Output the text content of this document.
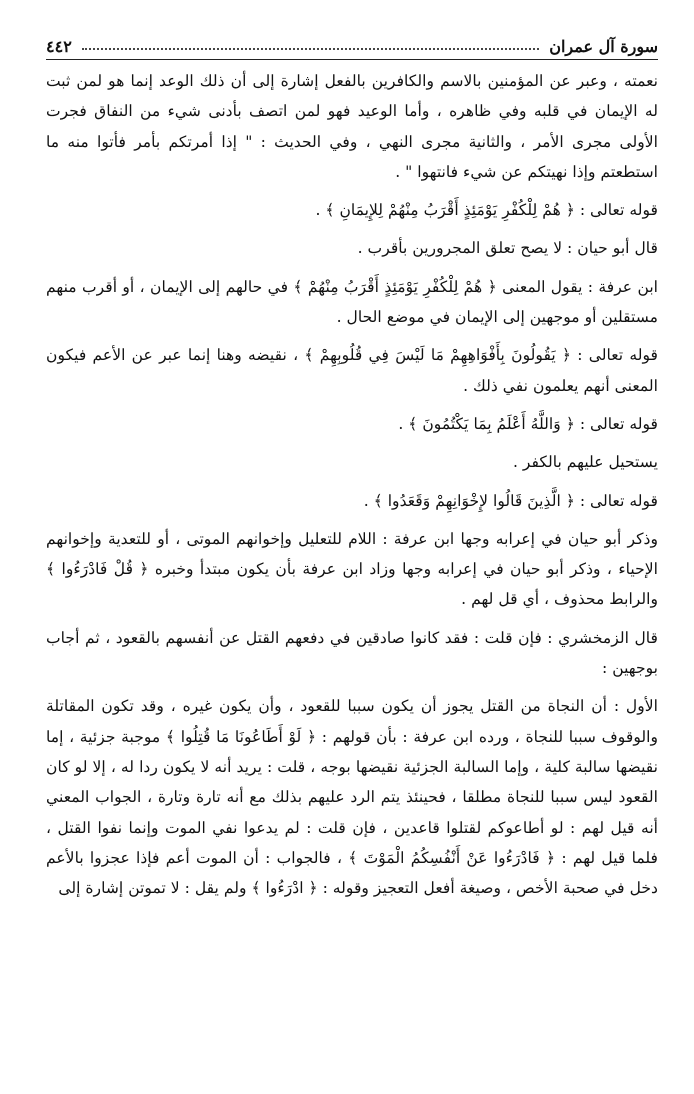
سورة آل عمران
٤٤٢

نعمته ، وعبر عن المؤمنين بالاسم والكافرين بالفعل إشارة إلى أن ذلك الوعد إنما هو لمن ثبت له الإيمان في قلبه وفي ظاهره ، وأما الوعيد فهو لمن اتصف بأدنى شيء من النفاق فجرت الأولى مجرى الأمر ، والثانية مجرى النهي ، وفي الحديث : " إذا أمرتكم بأمر فأتوا منه ما استطعتم وإذا نهيتكم عن شيء فانتهوا " .

قوله تعالى : ﴿ هُمْ لِلْكُفْرِ يَوْمَئِذٍ أَقْرَبُ مِنْهُمْ لِلإِيمَانِ ﴾ .

قال أبو حيان : لا يصح تعلق المجرورين بأقرب .

ابن عرفة : يقول المعنى ﴿ هُمْ لِلْكُفْرِ يَوْمَئِذٍ أَقْرَبُ مِنْهُمْ ﴾ في حالهم إلى الإيمان ، أو أقرب منهم مستقلين أو موجهين إلى الإيمان في موضع الحال .

قوله تعالى : ﴿ يَقُولُونَ بِأَفْوَاهِهِمْ مَا لَيْسَ فِي قُلُوبِهِمْ ﴾ ، نقيضه وهنا إنما عبر عن الأعم فيكون المعنى أنهم يعلمون نفي ذلك .

قوله تعالى : ﴿ وَاللَّهُ أَعْلَمُ بِمَا يَكْتُمُونَ ﴾ .

يستحيل عليهم بالكفر .

قوله تعالى : ﴿ الَّذِينَ قَالُوا لإِخْوَانِهِمْ وَقَعَدُوا ﴾ .

وذكر أبو حيان في إعرابه وجها ابن عرفة : اللام للتعليل وإخوانهم الموتى ، أو للتعدية وإخوانهم الإحياء ، وذكر أبو حيان في إعرابه وجها وزاد ابن عرفة بأن يكون مبتدأ وخبره ﴿ قُلْ فَادْرَءُوا ﴾ والرابط محذوف ، أي قل لهم .

قال الزمخشري : فإن قلت : فقد كانوا صادقين في دفعهم القتل عن أنفسهم بالقعود ، ثم أجاب بوجهين :

الأول : أن النجاة من القتل يجوز أن يكون سببا للقعود ، وأن يكون غيره ، وقد تكون المقاتلة والوقوف سببا للنجاة ، ورده ابن عرفة : بأن قولهم : ﴿ لَوْ أَطَاعُونَا مَا قُتِلُوا ﴾ موجبة جزئية ، إما نقيضها سالبة كلية ، وإما السالبة الجزئية نقيضها بوجه ، قلت : يريد أنه لا يكون ردا له ، إلا لو كان القعود ليس سببا للنجاة مطلقا ، فحينئذ يتم الرد عليهم بذلك مع أنه تارة وتارة ، الجواب المعني أنه قيل لهم : لو أطاعوكم لقتلوا قاعدين ، فإن قلت : لم يدعوا نفي الموت وإنما نفوا القتل ، فلما قيل لهم : ﴿ فَادْرَءُوا عَنْ أَنْفُسِكُمُ الْمَوْتَ ﴾ ، فالجواب : أن الموت أعم فإذا عجزوا بالأعم دخل في صحبة الأخص ، وصيغة أفعل التعجيز وقوله : ﴿ ادْرَءُوا ﴾ ولم يقل : لا تموتن إشارة إلى
